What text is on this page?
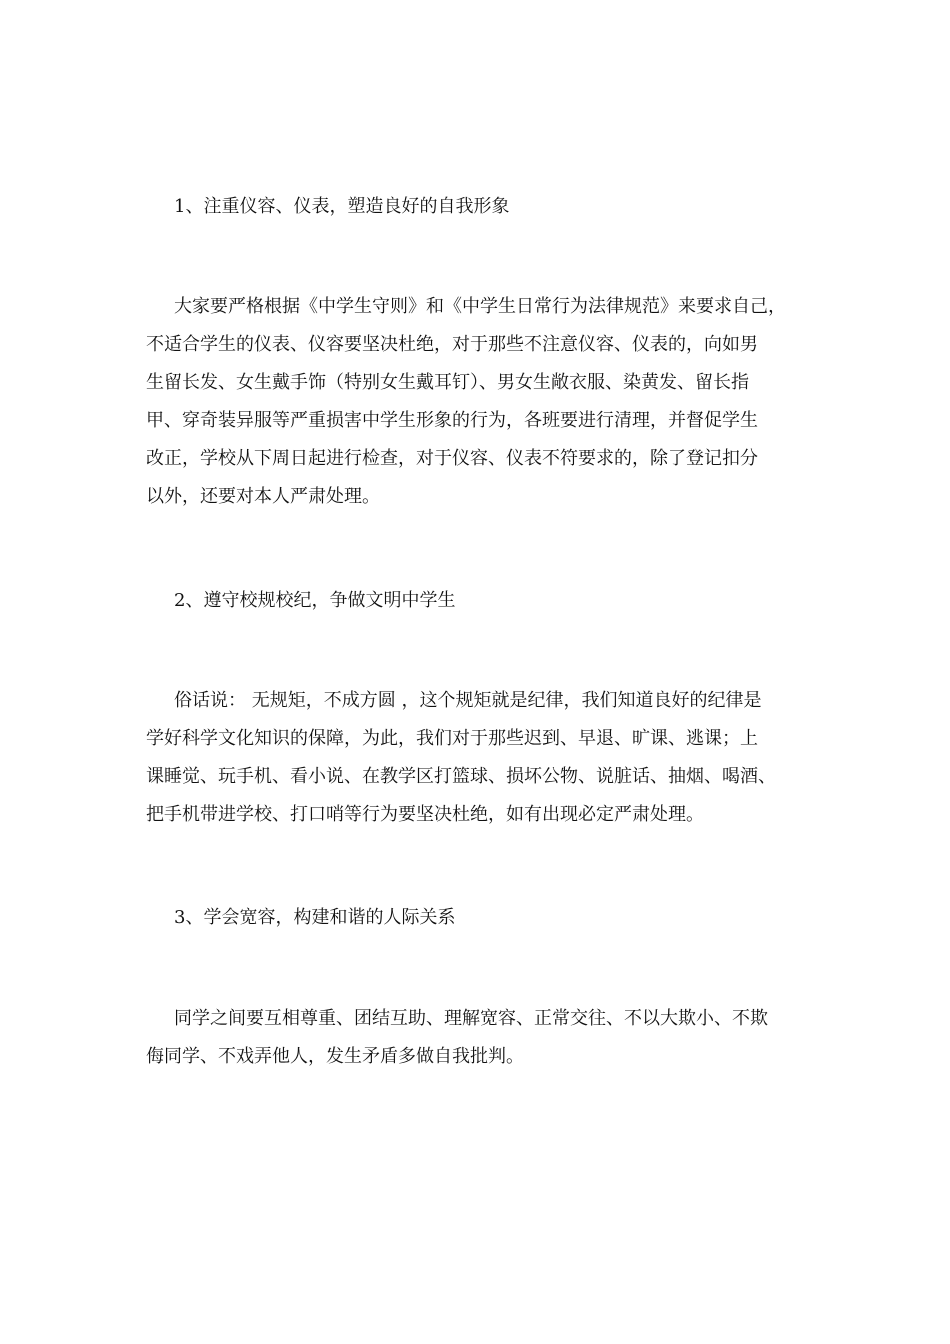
1、注重仪容、仪表，塑造良好的自我形象
大家要严格根据《中学生守则》和《中学生日常行为法律规范》来要求自己，
不适合学生的仪表、仪容要坚决杜绝，对于那些不注意仪容、仪表的，向如男
生留长发、女生戴手饰（特别女生戴耳钉）、男女生敞衣服、染黄发、留长指
甲、穿奇装异服等严重损害中学生形象的行为，各班要进行清理，并督促学生
改正，学校从下周日起进行检查，对于仪容、仪表不符要求的，除了登记扣分
以外，还要对本人严肃处理。
2、遵守校规校纪，争做文明中学生
俗话说： 无规矩，不成方圆 ，这个规矩就是纪律，我们知道良好的纪律是
学好科学文化知识的保障，为此，我们对于那些迟到、早退、旷课、逃课；上
课睡觉、玩手机、看小说、在教学区打篮球、损坏公物、说脏话、抽烟、喝酒、
把手机带进学校、打口哨等行为要坚决杜绝，如有出现必定严肃处理。
3、学会宽容，构建和谐的人际关系
同学之间要互相尊重、团结互助、理解宽容、正常交往、不以大欺小、不欺
侮同学、不戏弄他人，发生矛盾多做自我批判。
